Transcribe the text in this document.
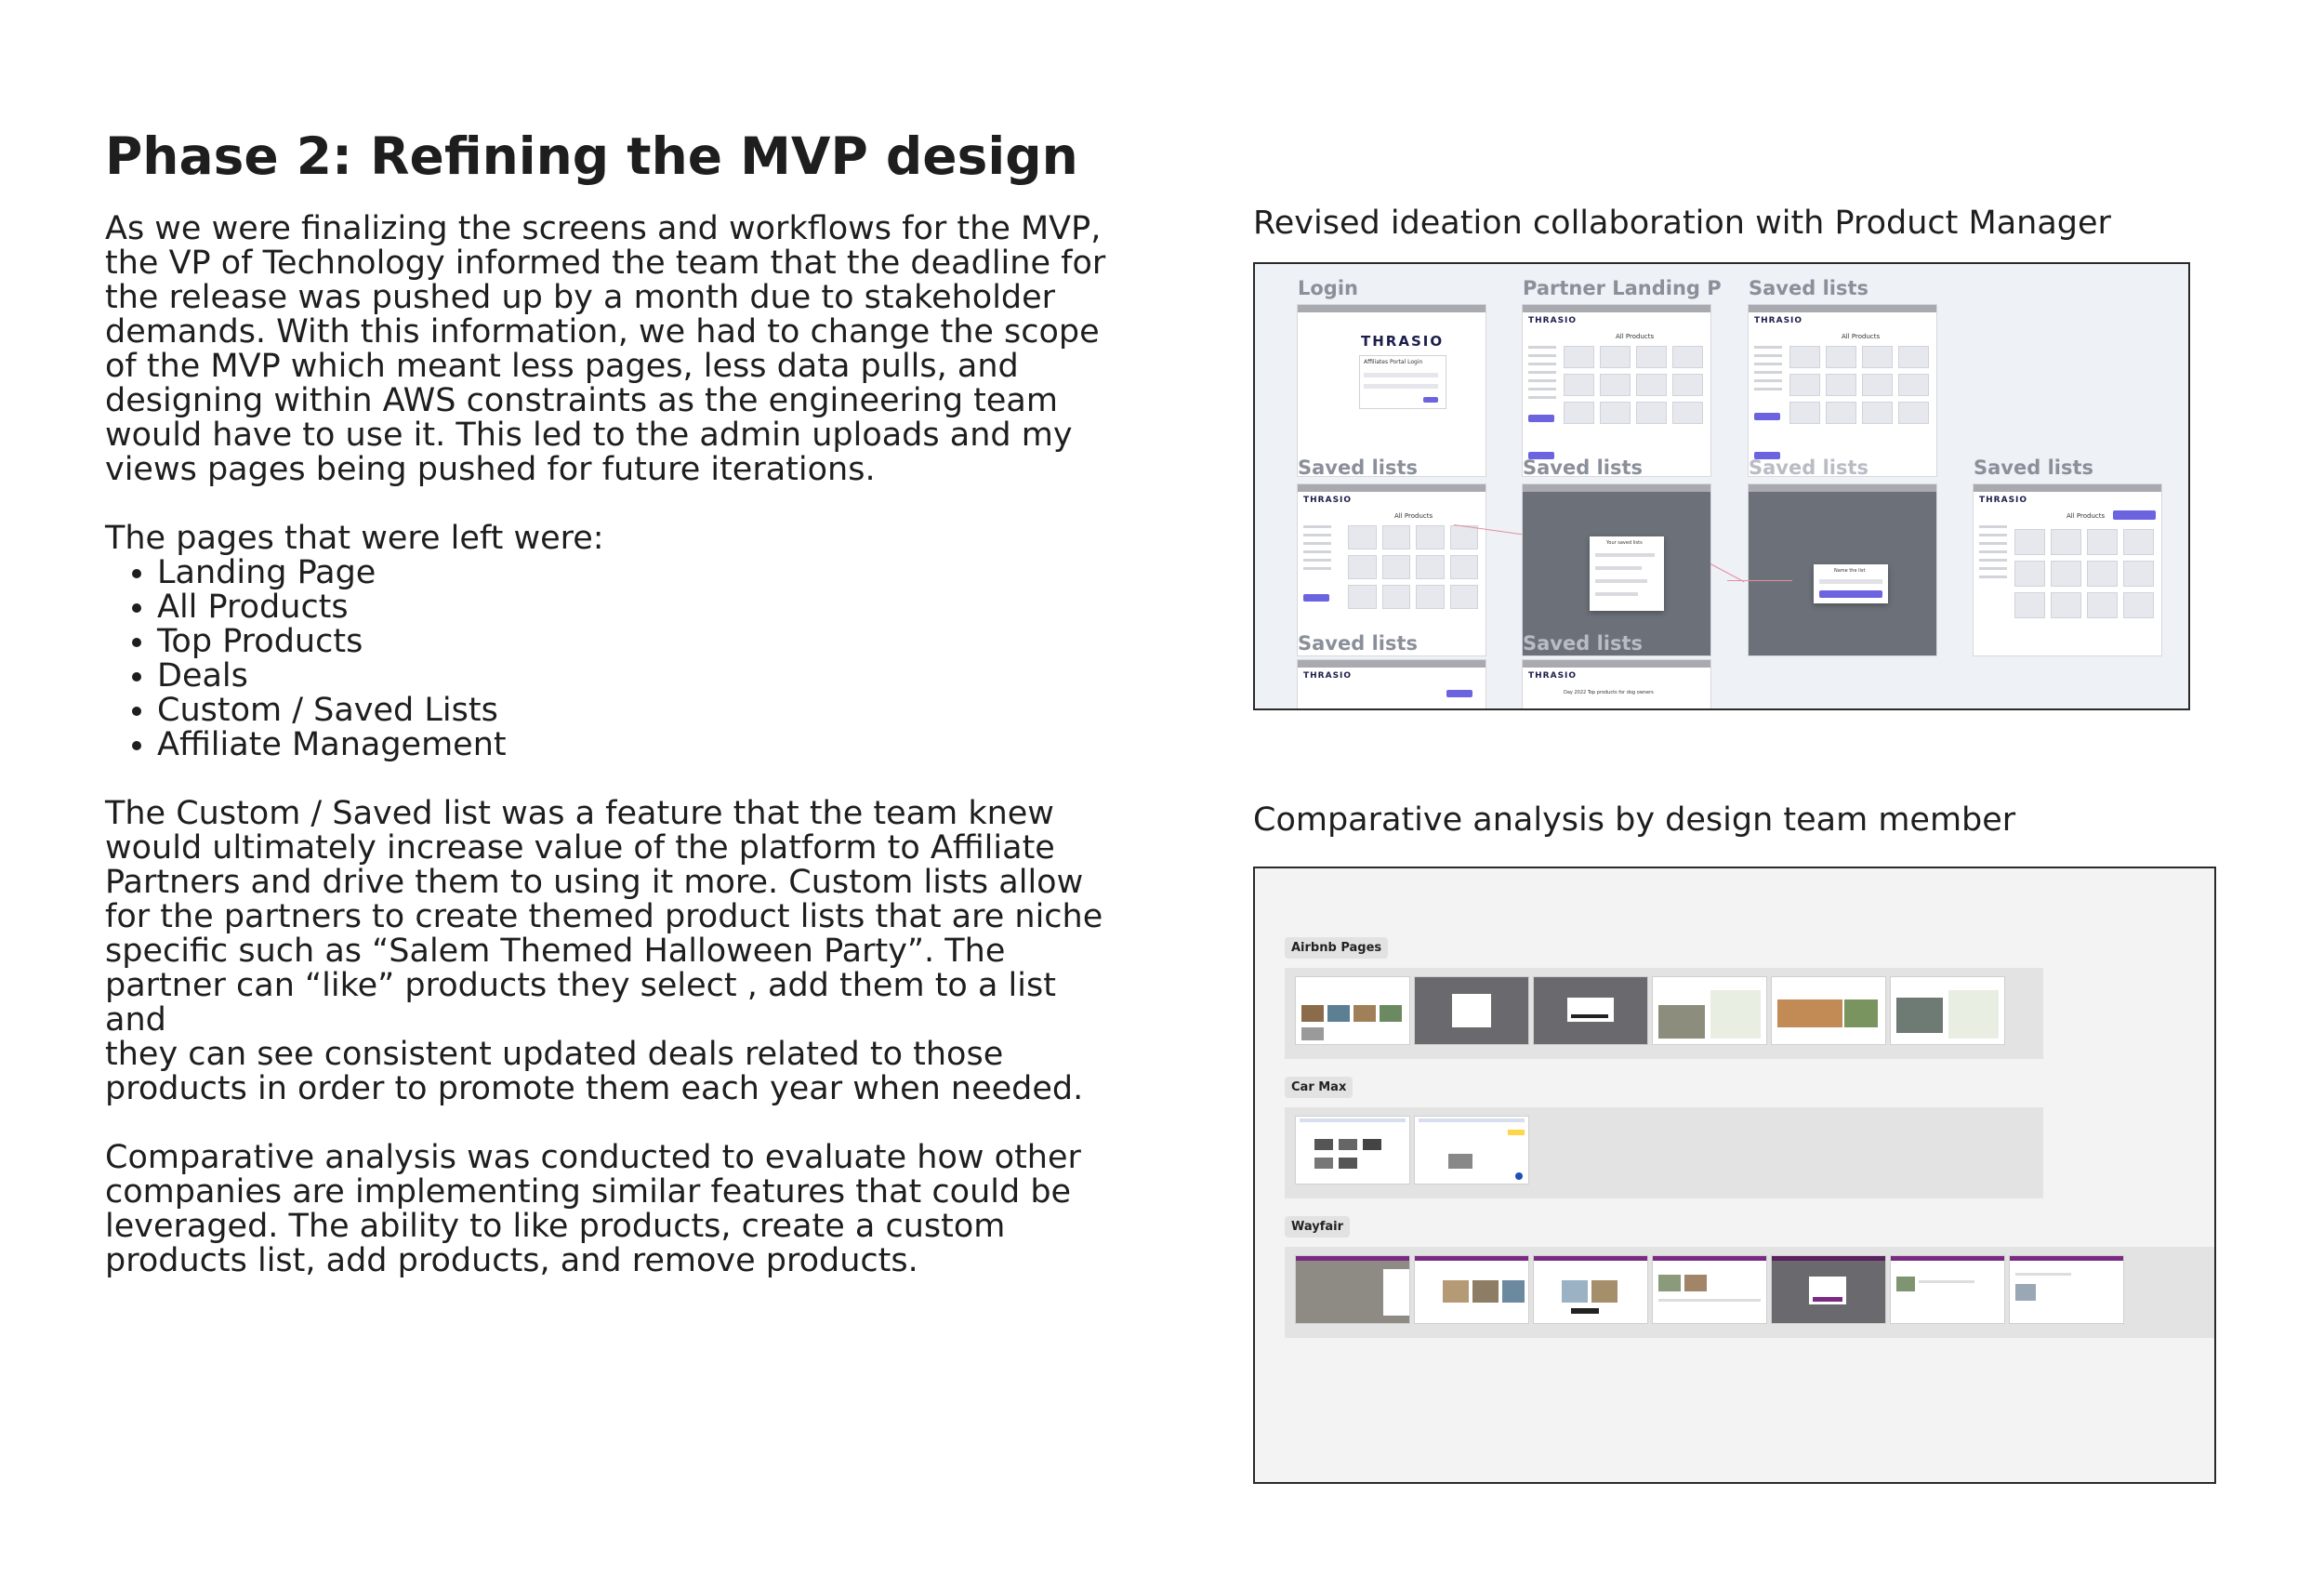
Phase 2: Refining the MVP design

As we were finalizing the screens and workflows for the MVP,
the VP of Technology informed the team that the deadline for
the release was pushed up by a month due to stakeholder
demands. With this information, we had to change the scope
of the MVP which meant less pages, less data pulls, and
designing within AWS constraints as the engineering team
would have to use it. This led to the admin uploads and my
views pages being pushed for future iterations.

The pages that were left were:

• Landing Page
• All Products
• Top Products
• Deals
• Custom / Saved Lists
• Affiliate Management

The Custom / Saved list was a feature that the team knew
would ultimately increase value of the platform to Affiliate
Partners and drive them to using it more. Custom lists allow
for the partners to create themed product lists that are niche
specific such as “Salem Themed Halloween Party”. The
partner can “like” products they select , add them to a list and
they can see consistent updated deals related to those
products in order to promote them each year when needed.

Comparative analysis was conducted to evaluate how other
companies are implementing similar features that could be
leveraged. The ability to like products, create a custom
products list, add products, and remove products.

Revised ideation collaboration with Product Manager
Login	Partner Landing P Saved lists
THRASIO
Affiliates Portal Login
THRASIO
All Products
THRASIO
All Products
Saved lists	Saved lists	Saved lists	Saved lists
THRASIO
All Products
Your saved lists
Name the list
THRASIO
All Products
Saved lists	Saved lists
THRASIO	THRASIO
Day 2022 Top products for dog owners
Comparative analysis by design team member
Airbnb Pages
Car Max
Wayfair
